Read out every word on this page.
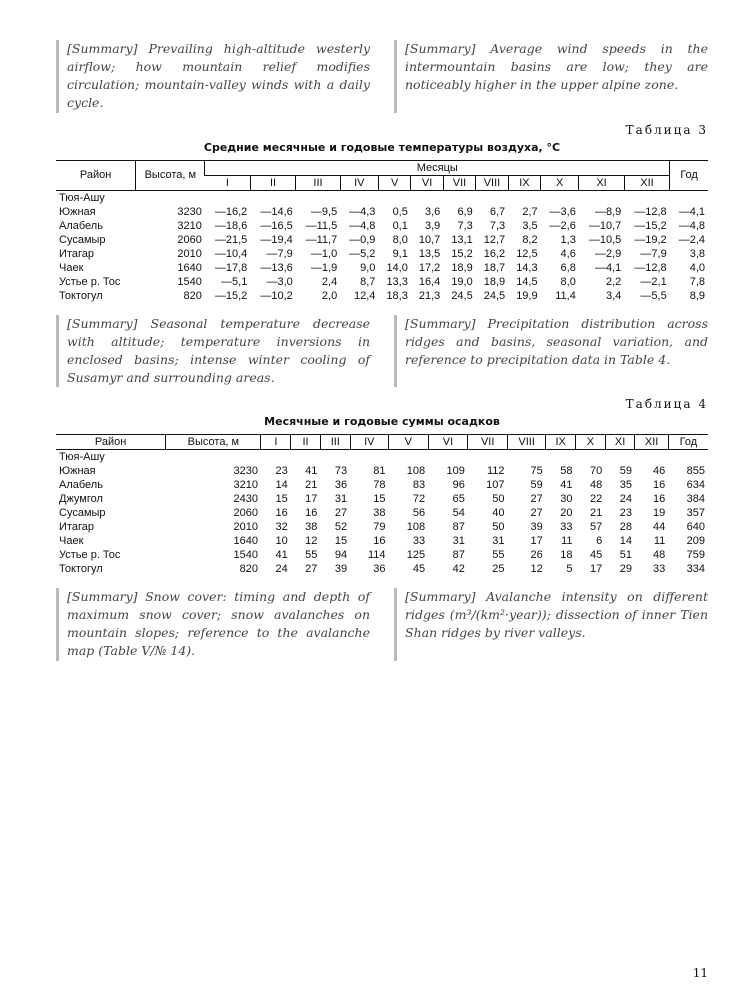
[Summary] Prevailing high-altitude westerly airflow; how mountain relief modifies circulation; mountain-valley winds with a daily cycle.
[Summary] Average wind speeds in the intermountain basins are low; they are noticeably higher in the upper alpine zone.
Таблица 3
Средние месячные и годовые температуры воздуха, °C
Район	Высота, м	Месяцы												Год
		I	II	III	IV	V	VI	VII	VIII	IX	X	XI	XII	
Тюя-Ашу														
Южная	3230	—16,2	—14,6	—9,5	—4,3	0,5	3,6	6,9	6,7	2,7	—3,6	—8,9	—12,8	—4,1
Алабель	3210	—18,6	—16,5	—11,5	—4,8	0,1	3,9	7,3	7,3	3,5	—2,6	—10,7	—15,2	—4,8
Сусамыр	2060	—21,5	—19,4	—11,7	—0,9	8,0	10,7	13,1	12,7	8,2	1,3	—10,5	—19,2	—2,4
Итагар	2010	—10,4	—7,9	—1,0	—5,2	9,1	13,5	15,2	16,2	12,5	4,6	—2,9	—7,9	3,8
Чаек	1640	—17,8	—13,6	—1,9	9,0	14,0	17,2	18,9	18,7	14,3	6,8	—4,1	—12,8	4,0
Устье р. Тос	1540	—5,1	—3,0	2,4	8,7	13,3	16,4	19,0	18,9	14,5	8,0	2,2	—2,1	7,8
Токтогул	820	—15,2	—10,2	2,0	12,4	18,3	21,3	24,5	24,5	19,9	11,4	3,4	—5,5	8,9
[Summary] Seasonal temperature decrease with altitude; temperature inversions in enclosed basins; intense winter cooling of Susamyr and surrounding areas.
[Summary] Precipitation distribution across ridges and basins, seasonal variation, and reference to precipitation data in Table 4.
Таблица 4
Месячные и годовые суммы осадков
Район	Высота, м	I	II	III	IV	V	VI	VII	VIII	IX	X	XI	XII	Год
Тюя-Ашу														
Южная	3230	23	41	73	81	108	109	112	75	58	70	59	46	855
Алабель	3210	14	21	36	78	83	96	107	59	41	48	35	16	634
Джумгол	2430	15	17	31	15	72	65	50	27	30	22	24	16	384
Сусамыр	2060	16	16	27	38	56	54	40	27	20	21	23	19	357
Итагар	2010	32	38	52	79	108	87	50	39	33	57	28	44	640
Чаек	1640	10	12	15	16	33	31	31	17	11	6	14	11	209
Устье р. Тос	1540	41	55	94	114	125	87	55	26	18	45	51	48	759
Токтогул	820	24	27	39	36	45	42	25	12	5	17	29	33	334
[Summary] Snow cover: timing and depth of maximum snow cover; snow avalanches on mountain slopes; reference to the avalanche map (Table V/№ 14).
[Summary] Avalanche intensity on different ridges (m³/(km²·year)); dissection of inner Tien Shan ridges by river valleys.
11
